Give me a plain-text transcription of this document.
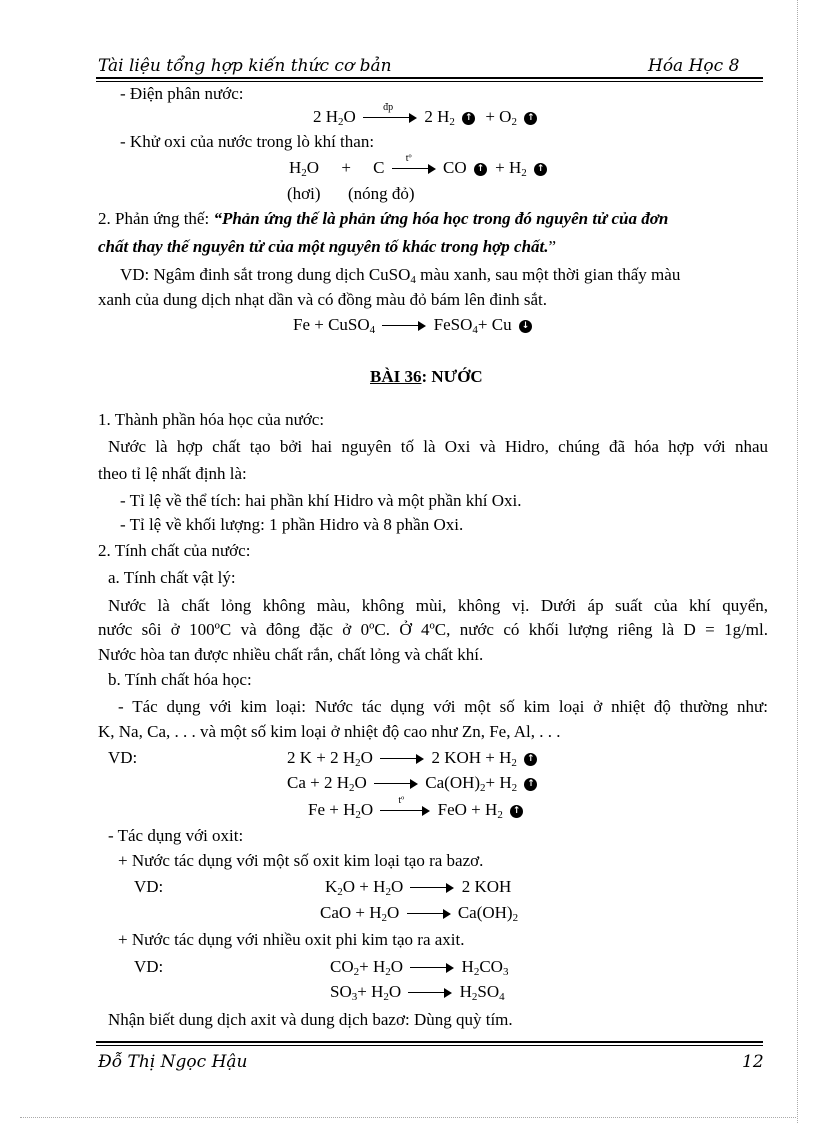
Tài liệu tổng hợp kiến thức cơ bản	Hóa Học 8
- Điện phân nước:
2 $H_2O$	đp 2 $H_2$ ↑ + $O_2$ ↑
- Khử oxi của nước trong lò khí than:
$H_2O + C$ tº CO ↑ + $H_2$ ↑
(hơi) (nóng đỏ)
2. Phản ứng thế: “Phản ứng thế là phản ứng hóa học trong đó nguyên tử của đơn
chất thay thế nguyên tử của một nguyên tố khác trong hợp chất.”
VD: Ngâm đinh sắt trong dung dịch CuSO$_4$ màu xanh, sau một thời gian thấy màu
xanh của dung dịch nhạt dần và có đồng màu đỏ bám lên đinh sắt.
Fe + CuSO$_4$	FeSO$_4$+ Cu ↓
BÀI 36: NƯỚC
1. Thành phần hóa học của nước:
Nước là hợp chất tạo bởi hai nguyên tố là Oxi và Hidro, chúng đã hóa hợp với nhau
theo tỉ lệ nhất định là:
- Tỉ lệ về thể tích: hai phần khí Hidro và một phần khí Oxi.
- Tỉ lệ về khối lượng: 1 phần Hidro và 8 phần Oxi.
2. Tính chất của nước:
a. Tính chất vật lý:
Nước là chất lỏng không màu, không mùi, không vị. Dưới áp suất của khí quyển,
nước sôi ở 100ºC và đông đặc ở 0ºC. Ở 4ºC, nước có khối lượng riêng là D = 1g/ml.
Nước hòa tan được nhiều chất rắn, chất lỏng và chất khí.
b. Tính chất hóa học:
- Tác dụng với kim loại: Nước tác dụng với một số kim loại ở nhiệt độ thường như:
K, Na, Ca, . . . và một số kim loại ở nhiệt độ cao như Zn, Fe, Al, . . .
VD:	2 K + 2 $H_2O$	2 KOH + $H_2$ ↑
Ca + 2 $H_2O$	$Ca(OH)_2+ H_2$ ↑
$Fe + H_2O$	tº FeO + $H_2$ ↑
- Tác dụng với oxit:
+ Nước tác dụng với một số oxit kim loại tạo ra bazơ.
VD:	$K_2O + H_2O$	2 KOH
CaO + $H_2O$	$Ca(OH)_2$
+ Nước tác dụng với nhiều oxit phi kim tạo ra axit.
VD:	$CO_2+ H_2O$	$H_2CO_3$
$SO_3+ H_2O$	$H_2SO_4$
Nhận biết dung dịch axit và dung dịch bazơ: Dùng quỳ tím.
Đỗ Thị Ngọc Hậu	12
